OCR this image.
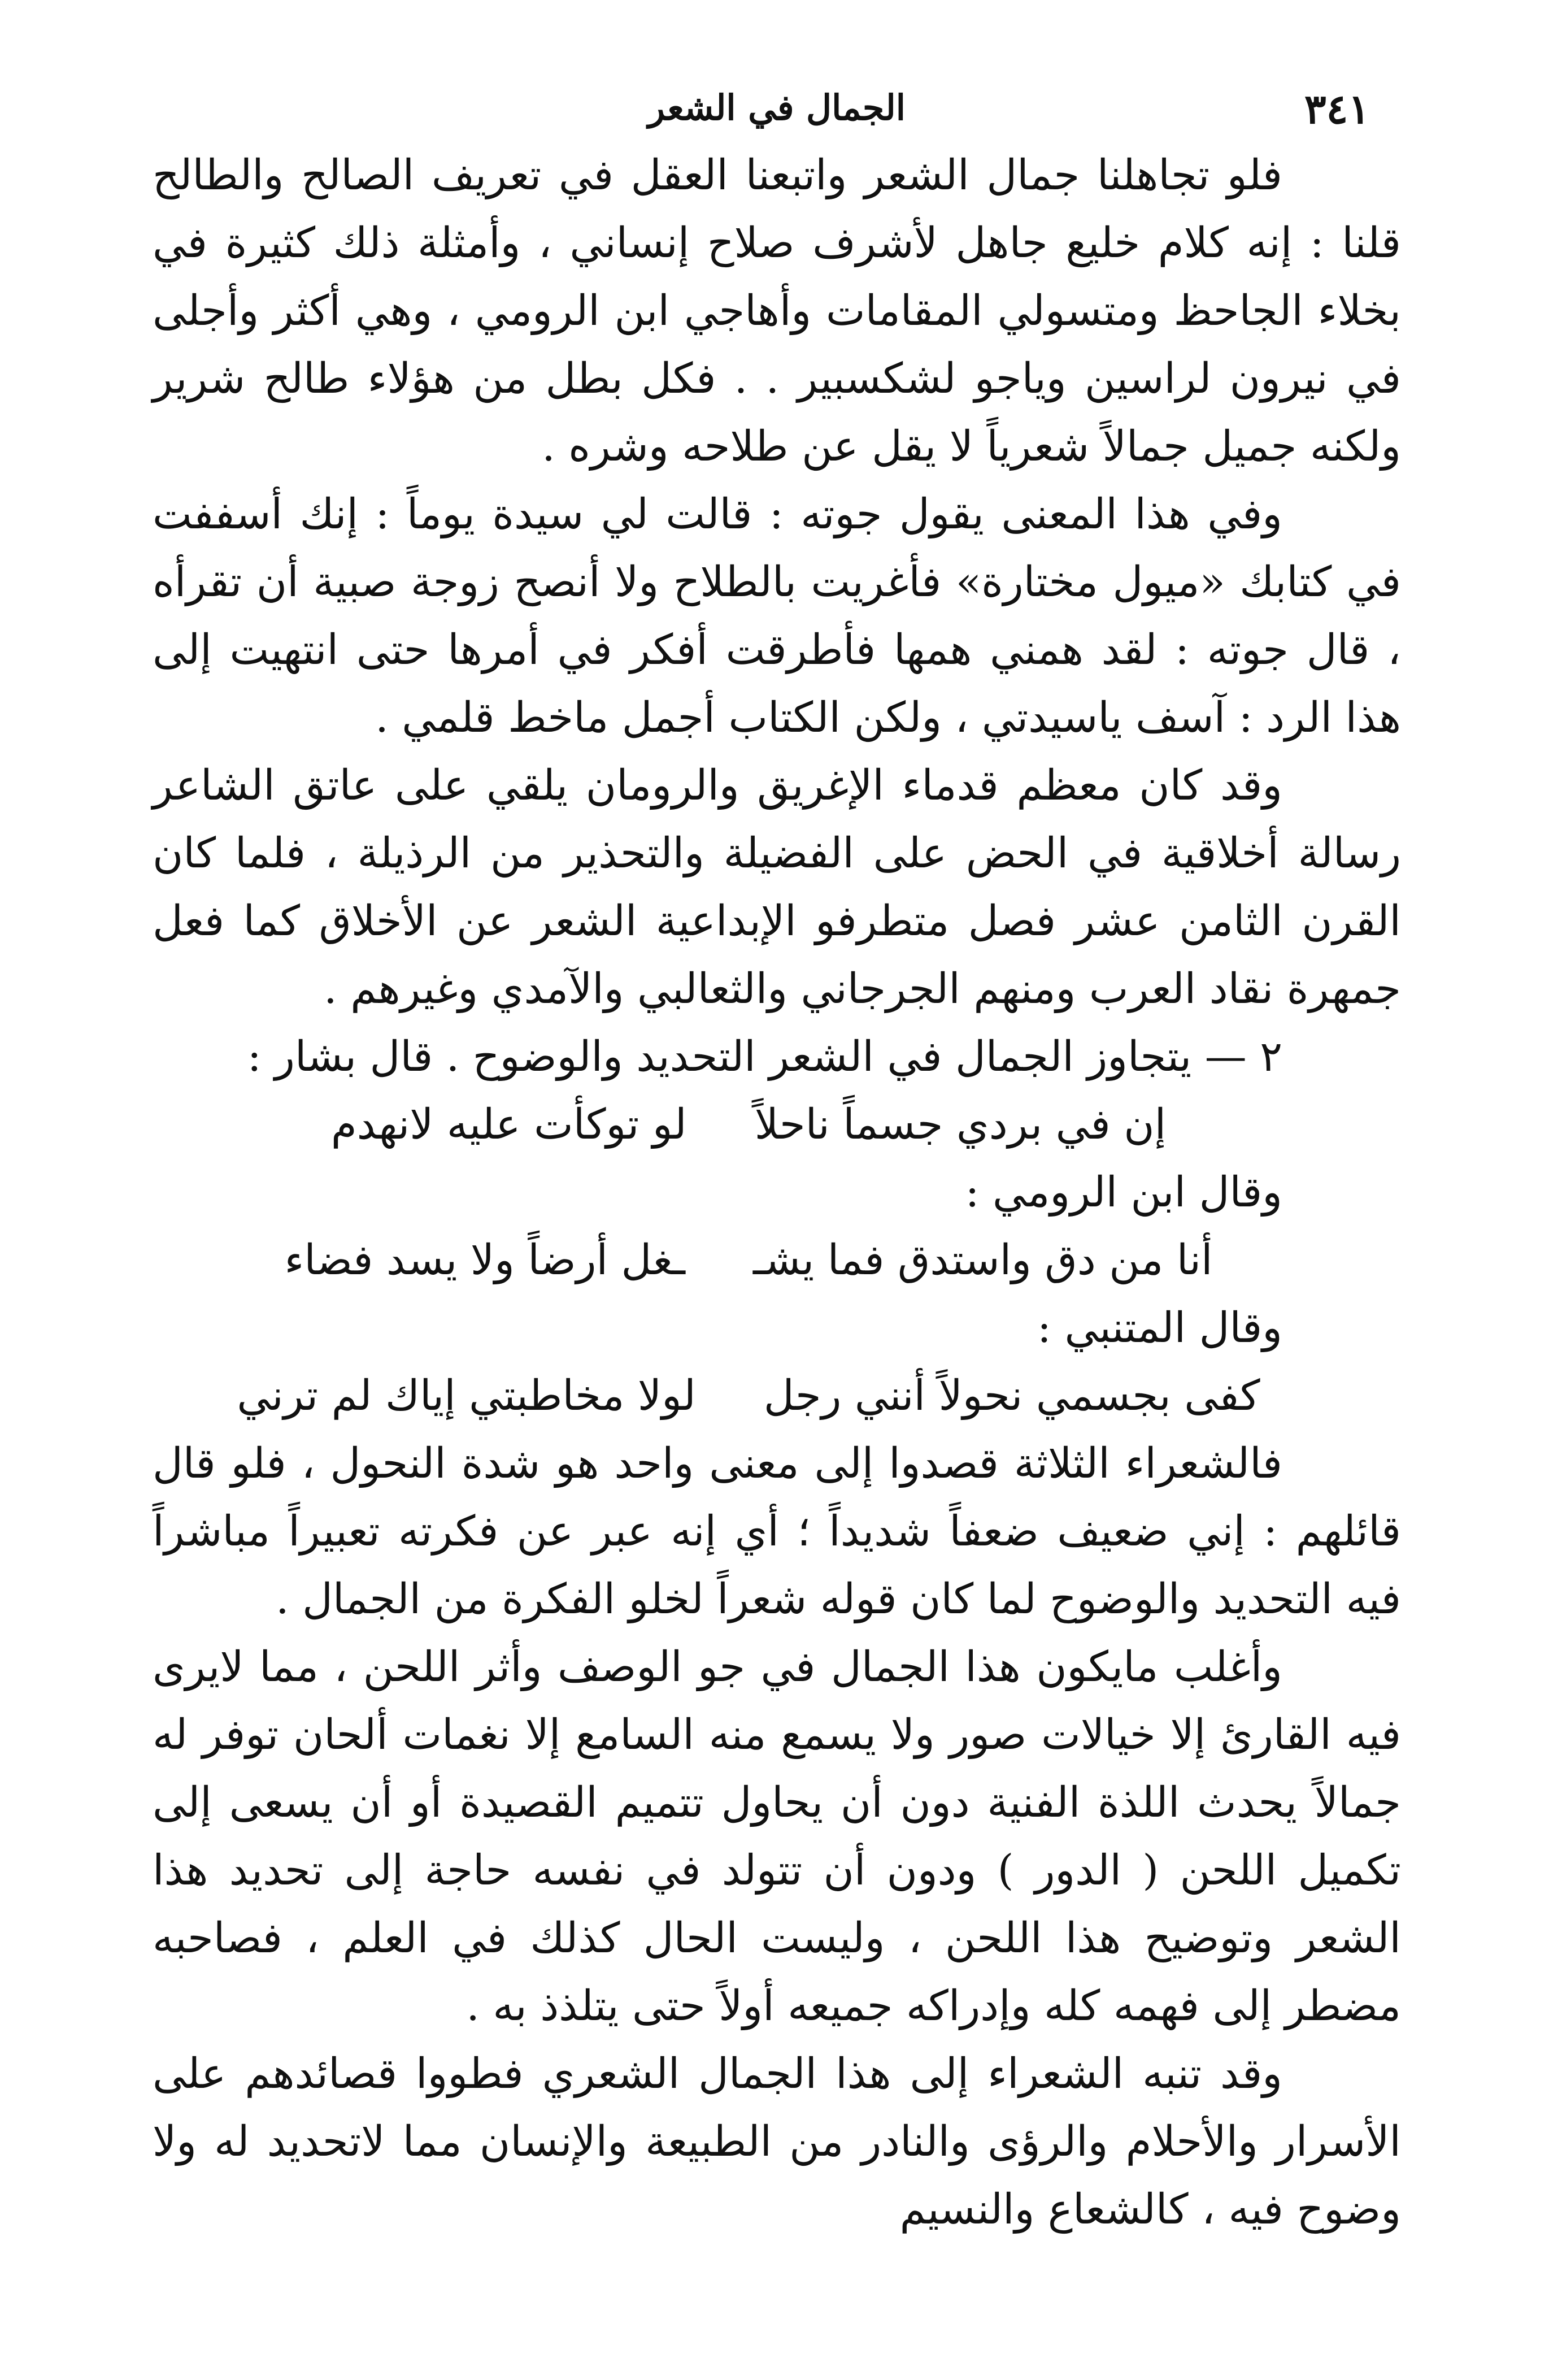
٣٤١
الجمال في الشعر

فلو تجاهلنا جمال الشعر واتبعنا العقل في تعريف الصالح والطالح قلنا : إنه كلام خليع جاهل لأشرف صلاح إنساني ، وأمثلة ذلك كثيرة في بخلاء الجاحظ ومتسولي المقامات وأهاجي ابن الرومي ، وهي أكثر وأجلى في نيرون لراسين وياجو لشكسبير . . فكل بطل من هؤلاء طالح شرير ولكنه جميل جمالاً شعرياً لا يقل عن طلاحه وشره .

وفي هذا المعنى يقول جوته : قالت لي سيدة يوماً : إنك أسففت في كتابك «ميول مختارة» فأغريت بالطلاح ولا أنصح زوجة صبية أن تقرأه ، قال جوته : لقد همني همها فأطرقت أفكر في أمرها حتى انتهيت إلى هذا الرد : آسف ياسيدتي ، ولكن الكتاب أجمل ماخط قلمي .

وقد كان معظم قدماء الإغريق والرومان يلقي على عاتق الشاعر رسالة أخلاقية في الحض على الفضيلة والتحذير من الرذيلة ، فلما كان القرن الثامن عشر فصل متطرفو الإبداعية الشعر عن الأخلاق كما فعل جمهرة نقاد العرب ومنهم الجرجاني والثعالبي والآمدي وغيرهم .

٢ — يتجاوز الجمال في الشعر التحديد والوضوح . قال بشار :

إن في بردي جسماً ناحلاً
لو توكأت عليه لانهدم

وقال ابن الرومي :

أنا من دق واستدق فما يشـ
ـغل أرضاً ولا يسد فضاء

وقال المتنبي :

كفى بجسمي نحولاً أنني رجل
لولا مخاطبتي إياك لم ترني

فالشعراء الثلاثة قصدوا إلى معنى واحد هو شدة النحول ، فلو قال قائلهم : إني ضعيف ضعفاً شديداً ؛ أي إنه عبر عن فكرته تعبيراً مباشراً فيه التحديد والوضوح لما كان قوله شعراً لخلو الفكرة من الجمال .

وأغلب مايكون هذا الجمال في جو الوصف وأثر اللحن ، مما لايرى فيه القارئ إلا خيالات صور ولا يسمع منه السامع إلا نغمات ألحان توفر له جمالاً يحدث اللذة الفنية دون أن يحاول تتميم القصيدة أو أن يسعى إلى تكميل اللحن ( الدور ) ودون أن تتولد في نفسه حاجة إلى تحديد هذا الشعر وتوضيح هذا اللحن ، وليست الحال كذلك في العلم ، فصاحبه مضطر إلى فهمه كله وإدراكه جميعه أولاً حتى يتلذذ به .

وقد تنبه الشعراء إلى هذا الجمال الشعري فطووا قصائدهم على الأسرار والأحلام والرؤى والنادر من الطبيعة والإنسان مما لاتحديد له ولا وضوح فيه ، كالشعاع والنسيم
